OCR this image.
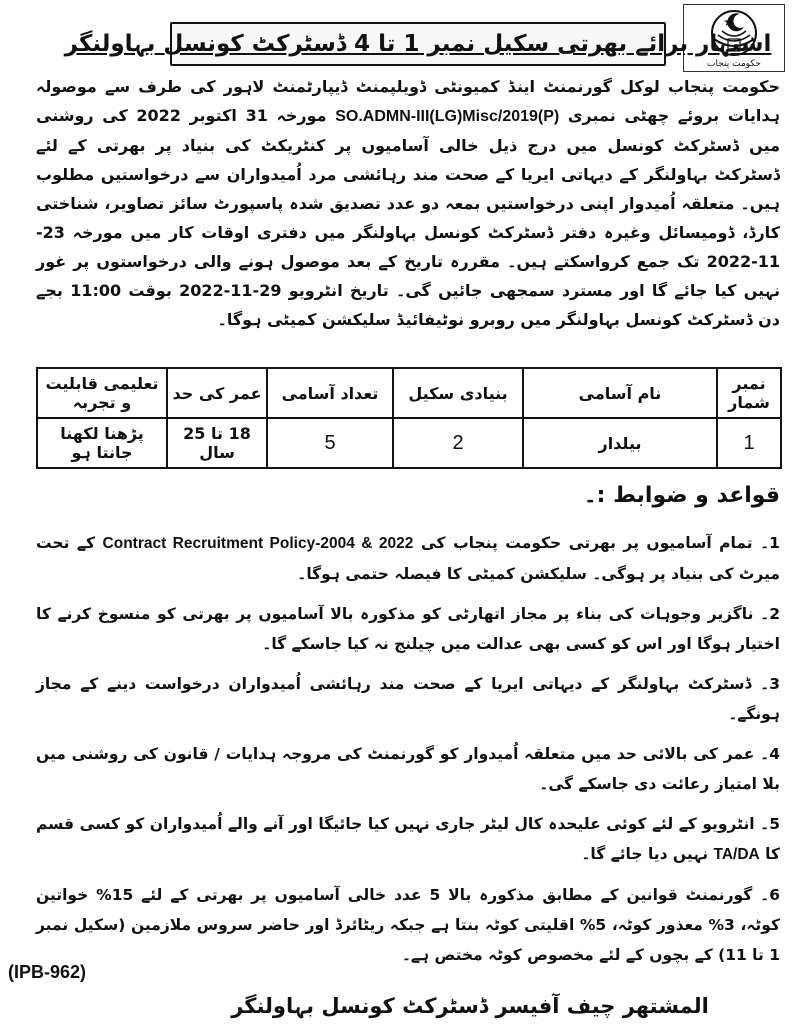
حکومت پنجاب
اشتہار برائے بھرتی سکیل نمبر 1 تا 4 ڈسٹرکٹ کونسل بہاولنگر

حکومت پنجاب لوکل گورنمنٹ اینڈ کمیونٹی ڈویلپمنٹ ڈیپارٹمنٹ لاہور کی طرف سے موصولہ ہدایات بروئے چھٹی نمبری SO.ADMN-III(LG)Misc/2019(P) مورخہ 31 اکتوبر 2022 کی روشنی میں ڈسٹرکٹ کونسل میں درج ذیل خالی آسامیوں پر کنٹریکٹ کی بنیاد پر بھرتی کے لئے ڈسٹرکٹ بہاولنگر کے دیہاتی ایریا کے صحت مند رہائشی مرد اُمیدواران سے درخواستیں مطلوب ہیں۔ متعلقہ اُمیدوار اپنی درخواستیں بمعہ دو عدد تصدیق شدہ پاسپورٹ سائز تصاویر، شناختی کارڈ، ڈومیسائل وغیرہ دفتر ڈسٹرکٹ کونسل بہاولنگر میں دفتری اوقات کار میں مورخہ 23-11-2022 تک جمع کرواسکتے ہیں۔ مقررہ تاریخ کے بعد موصول ہونے والی درخواستوں پر غور نہیں کیا جائے گا اور مسترد سمجھی جائیں گی۔ تاریخ انٹرویو 29-11-2022 بوقت 11:00 بجے دن ڈسٹرکٹ کونسل بہاولنگر میں روبرو نوٹیفائیڈ سلیکشن کمیٹی ہوگا۔

نمبر شمار	نام آسامی	بنیادی سکیل	تعداد آسامی	عمر کی حد	تعلیمی قابلیت و تجربہ
1	بیلدار	2	5	18 تا 25 سال	پڑھنا لکھنا جانتا ہو
قواعد و ضوابط :۔
1۔ تمام آسامیوں پر بھرتی حکومت پنجاب کی Contract Recruitment Policy-2004 & 2022 کے تحت میرٹ کی بنیاد پر ہوگی۔ سلیکشن کمیٹی کا فیصلہ حتمی ہوگا۔
2۔ ناگزیر وجوہات کی بناء پر مجاز اتھارٹی کو مذکورہ بالا آسامیوں پر بھرتی کو منسوخ کرنے کا اختیار ہوگا اور اس کو کسی بھی عدالت میں چیلنج نہ کیا جاسکے گا۔
3۔ ڈسٹرکٹ بہاولنگر کے دیہاتی ایریا کے صحت مند رہائشی اُمیدواران درخواست دینے کے مجاز ہونگے۔
4۔ عمر کی بالائی حد میں متعلقہ اُمیدوار کو گورنمنٹ کی مروجہ ہدایات / قانون کی روشنی میں بلا امتیاز رعائت دی جاسکے گی۔
5۔ انٹرویو کے لئے کوئی علیحدہ کال لیٹر جاری نہیں کیا جائیگا اور آنے والے اُمیدواران کو کسی قسم کا TA/DA نہیں دیا جائے گا۔
6۔ گورنمنٹ قوانین کے مطابق مذکورہ بالا 5 عدد خالی آسامیوں پر بھرتی کے لئے 15% خواتین کوٹہ، 3% معذور کوٹہ، 5% اقلیتی کوٹہ بنتا ہے جبکہ ریٹائرڈ اور حاضر سروس ملازمین (سکیل نمبر 1 تا 11) کے بچوں کے لئے مخصوص کوٹہ مختص ہے۔
(IPB-962)
المشتھر چیف آفیسر ڈسٹرکٹ کونسل بہاولنگر
